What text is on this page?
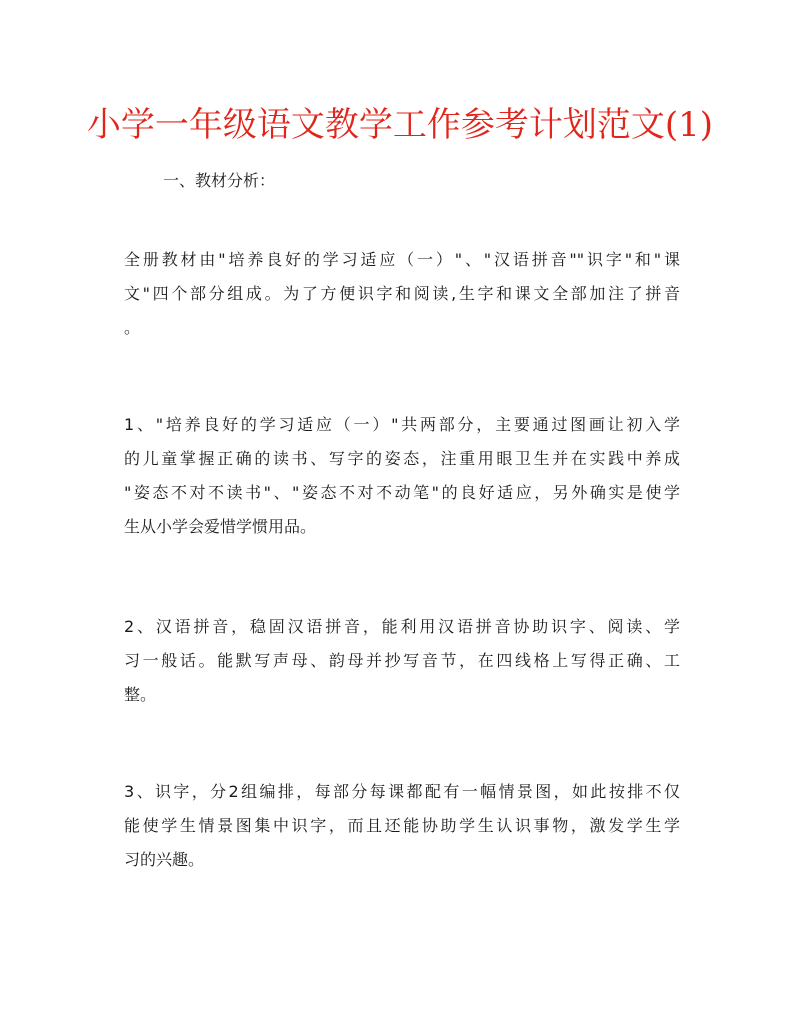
小学一年级语文教学工作参考计划范文(1)
一、教材分析：
全册教材由"培养良好的学习适应（一）"、"汉语拼音""识字"和"课
文"四个部分组成。为了方便识字和阅读,生字和课文全部加注了拼音
。
1、"培养良好的学习适应（一）"共两部分，主要通过图画让初入学
的儿童掌握正确的读书、写字的姿态，注重用眼卫生并在实践中养成
"姿态不对不读书"、"姿态不对不动笔"的良好适应，另外确实是使学
生从小学会爱惜学惯用品。
2、汉语拼音，稳固汉语拼音，能利用汉语拼音协助识字、阅读、学
习一般话。能默写声母、韵母并抄写音节，在四线格上写得正确、工
整。
3、识字，分2组编排，每部分每课都配有一幅情景图，如此按排不仅
能使学生情景图集中识字，而且还能协助学生认识事物，激发学生学
习的兴趣。
